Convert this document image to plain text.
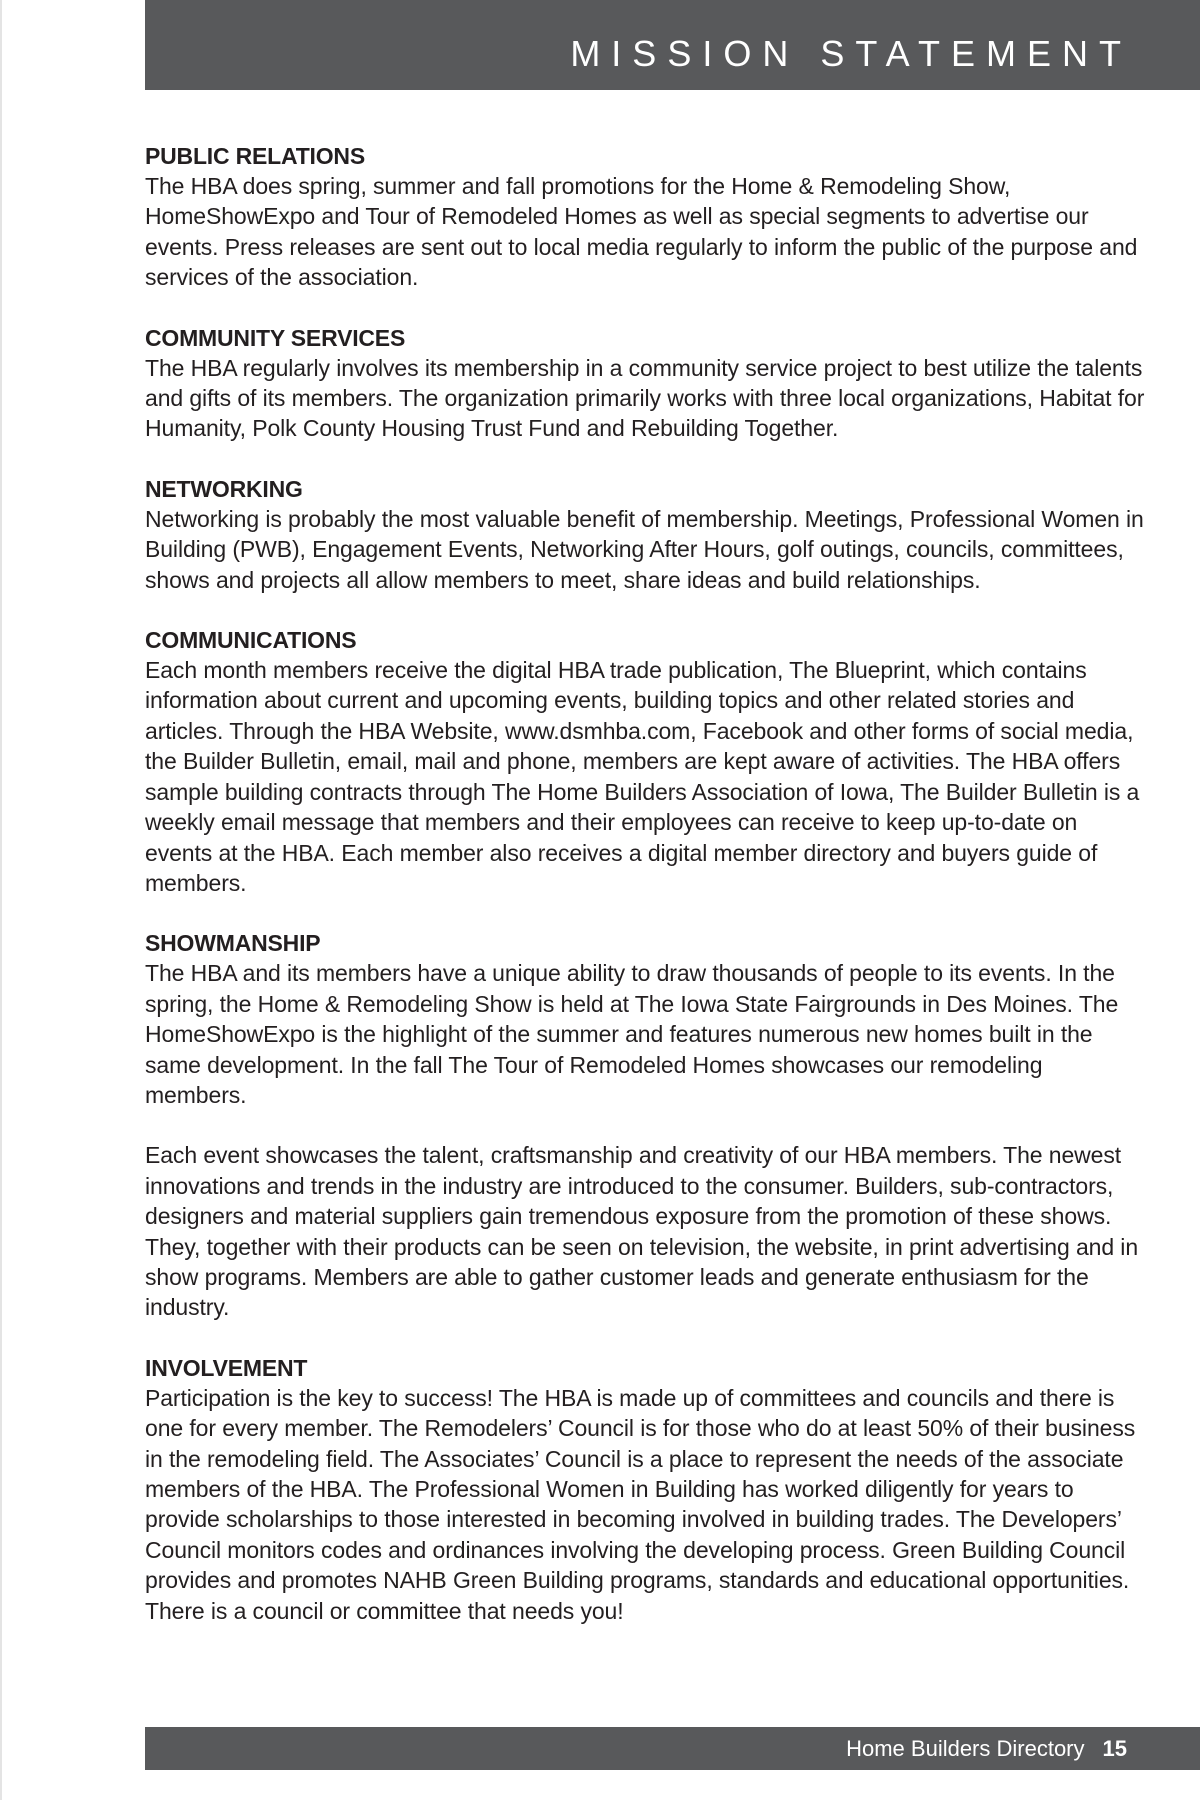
MISSION STATEMENT
PUBLIC RELATIONS

The HBA does spring, summer and fall promotions for the Home & Remodeling Show, HomeShowExpo and Tour of Remodeled Homes as well as special segments to advertise our events. Press releases are sent out to local media regularly to inform the public of the purpose and services of the association.

COMMUNITY SERVICES

The HBA regularly involves its membership in a community service project to best utilize the talents and gifts of its members. The organization primarily works with three local organizations, Habitat for Humanity, Polk County Housing Trust Fund and Rebuilding Together.

NETWORKING

Networking is probably the most valuable benefit of membership. Meetings, Professional Women in Building (PWB), Engagement Events, Networking After Hours, golf outings, councils, committees, shows and projects all allow members to meet, share ideas and build relationships.

COMMUNICATIONS

Each month members receive the digital HBA trade publication, The Blueprint, which contains information about current and upcoming events, building topics and other related stories and articles. Through the HBA Website, www.dsmhba.com, Facebook and other forms of social media, the Builder Bulletin, email, mail and phone, members are kept aware of activities. The HBA offers sample building contracts through The Home Builders Association of Iowa, The Builder Bulletin is a weekly email message that members and their employees can receive to keep up-to-date on events at the HBA. Each member also receives a digital member directory and buyers guide of members.

SHOWMANSHIP

The HBA and its members have a unique ability to draw thousands of people to its events. In the spring, the Home & Remodeling Show is held at The Iowa State Fairgrounds in Des Moines. The HomeShowExpo is the highlight of the summer and features numerous new homes built in the same development. In the fall The Tour of Remodeled Homes showcases our remodeling members.

Each event showcases the talent, craftsmanship and creativity of our HBA members. The newest innovations and trends in the industry are introduced to the consumer. Builders, sub-contractors, designers and material suppliers gain tremendous exposure from the promotion of these shows. They, together with their products can be seen on television, the website, in print advertising and in show programs. Members are able to gather customer leads and generate enthusiasm for the industry.

INVOLVEMENT

Participation is the key to success! The HBA is made up of committees and councils and there is one for every member. The Remodelers’ Council is for those who do at least 50% of their business in the remodeling field. The Associates’ Council is a place to represent the needs of the associate members of the HBA. The Professional Women in Building has worked diligently for years to provide scholarships to those interested in becoming involved in building trades. The Developers’ Council monitors codes and ordinances involving the developing process. Green Building Council provides and promotes NAHB Green Building programs, standards and educational opportunities. There is a council or committee that needs you!

Home Builders Directory 15
